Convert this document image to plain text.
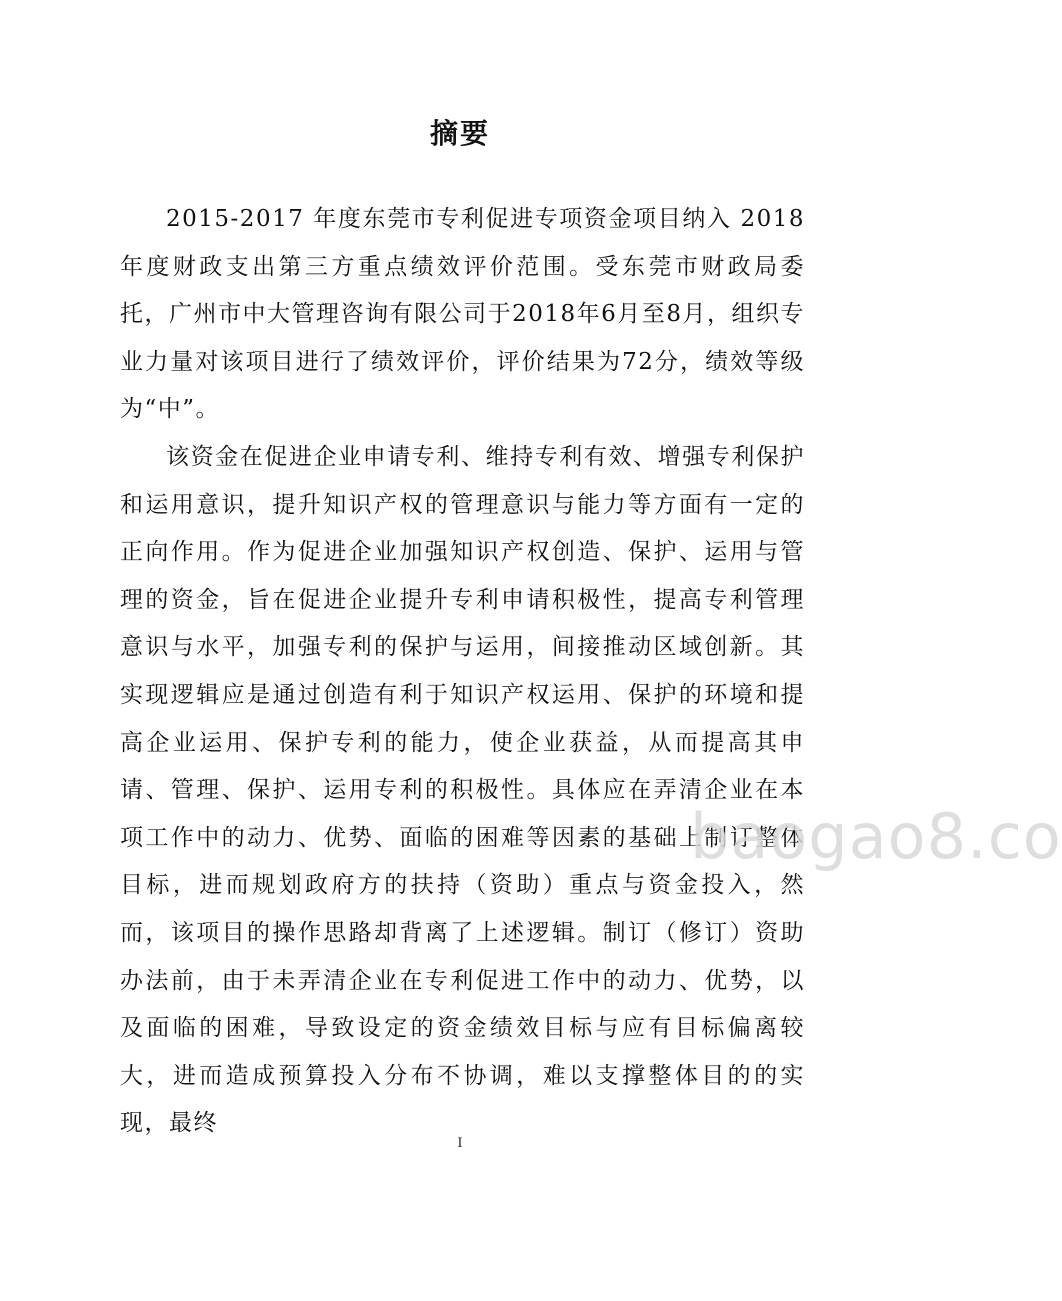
摘要

2015-2017 年度东莞市专利促进专项资金项目纳入 2018 年度财政支出第三方重点绩效评价范围。受东莞市财政局委托，广州市中大管理咨询有限公司于2018年6月至8月，组织专业力量对该项目进行了绩效评价，评价结果为72分，绩效等级为“中”。

该资金在促进企业申请专利、维持专利有效、增强专利保护和运用意识，提升知识产权的管理意识与能力等方面有一定的正向作用。作为促进企业加强知识产权创造、保护、运用与管理的资金，旨在促进企业提升专利申请积极性，提高专利管理意识与水平，加强专利的保护与运用，间接推动区域创新。其实现逻辑应是通过创造有利于知识产权运用、保护的环境和提高企业运用、保护专利的能力，使企业获益，从而提高其申请、管理、保护、运用专利的积极性。具体应在弄清企业在本项工作中的动力、优势、面临的困难等因素的基础上制订整体目标，进而规划政府方的扶持（资助）重点与资金投入，然而，该项目的操作思路却背离了上述逻辑。制订（修订）资助办法前，由于未弄清企业在专利促进工作中的动力、优势，以及面临的困难，导致设定的资金绩效目标与应有目标偏离较大，进而造成预算投入分布不协调，难以支撑整体目的的实现，最终

baogao8.co
I
